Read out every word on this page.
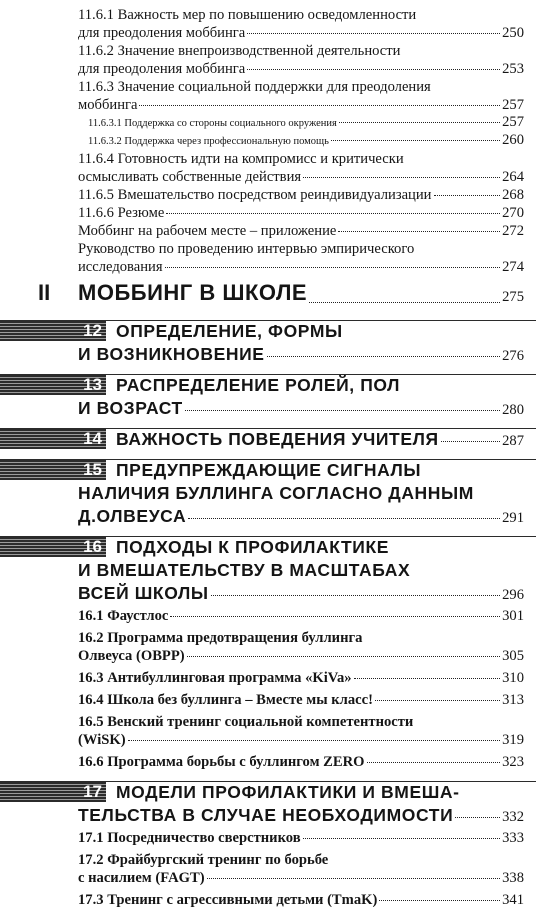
11.6.1 Важность мер по повышению осведомленности
для преодоления моббинга	250
11.6.2 Значение внепроизводственной деятельности
для преодоления моббинга	253
11.6.3 Значение социальной поддержки для преодоления
моббинга	257
11.6.3.1 Поддержка со стороны социального окружения	257
11.6.3.2 Поддержка через профессиональную помощь	260
11.6.4 Готовность идти на компромисс и критически
осмысливать собственные действия	264
11.6.5 Вмешательство посредством реиндивидуализации	268
11.6.6 Резюме	270
Моббинг на рабочем месте – приложение	272
Руководство по проведению интервью эмпирического
исследования	274
II	МОББИНГ В ШКОЛЕ	275
12 ОПРЕДЕЛЕНИЕ, ФОРМЫ
И ВОЗНИКНОВЕНИЕ	276
13 РАСПРЕДЕЛЕНИЕ РОЛЕЙ, ПОЛ
И ВОЗРАСТ	280
14 ВАЖНОСТЬ ПОВЕДЕНИЯ УЧИТЕЛЯ	287
15 ПРЕДУПРЕЖДАЮЩИЕ СИГНАЛЫ
НАЛИЧИЯ БУЛЛИНГА СОГЛАСНО ДАННЫМ
Д.ОЛВЕУСА	291
16 ПОДХОДЫ К ПРОФИЛАКТИКЕ
И ВМЕШАТЕЛЬСТВУ В МАСШТАБАХ
ВСЕЙ ШКОЛЫ	296
16.1 Фаустлос	301
16.2 Программа предотвращения буллинга
Олвеуса (OBPP)	305
16.3 Антибуллинговая программа «KiVa»	310
16.4 Школа без буллинга – Вместе мы класс!	313
16.5 Венский тренинг социальной компетентности
(WiSK)	319
16.6 Программа борьбы с буллингом ZERO	323
17 МОДЕЛИ ПРОФИЛАКТИКИ И ВМЕША-
ТЕЛЬСТВА В СЛУЧАЕ НЕОБХОДИМОСТИ	332
17.1 Посредничество сверстников	333
17.2 Фрайбургский тренинг по борьбе
с насилием (FAGT)	338
17.3 Тренинг с агрессивными детьми (TmaK)	341
